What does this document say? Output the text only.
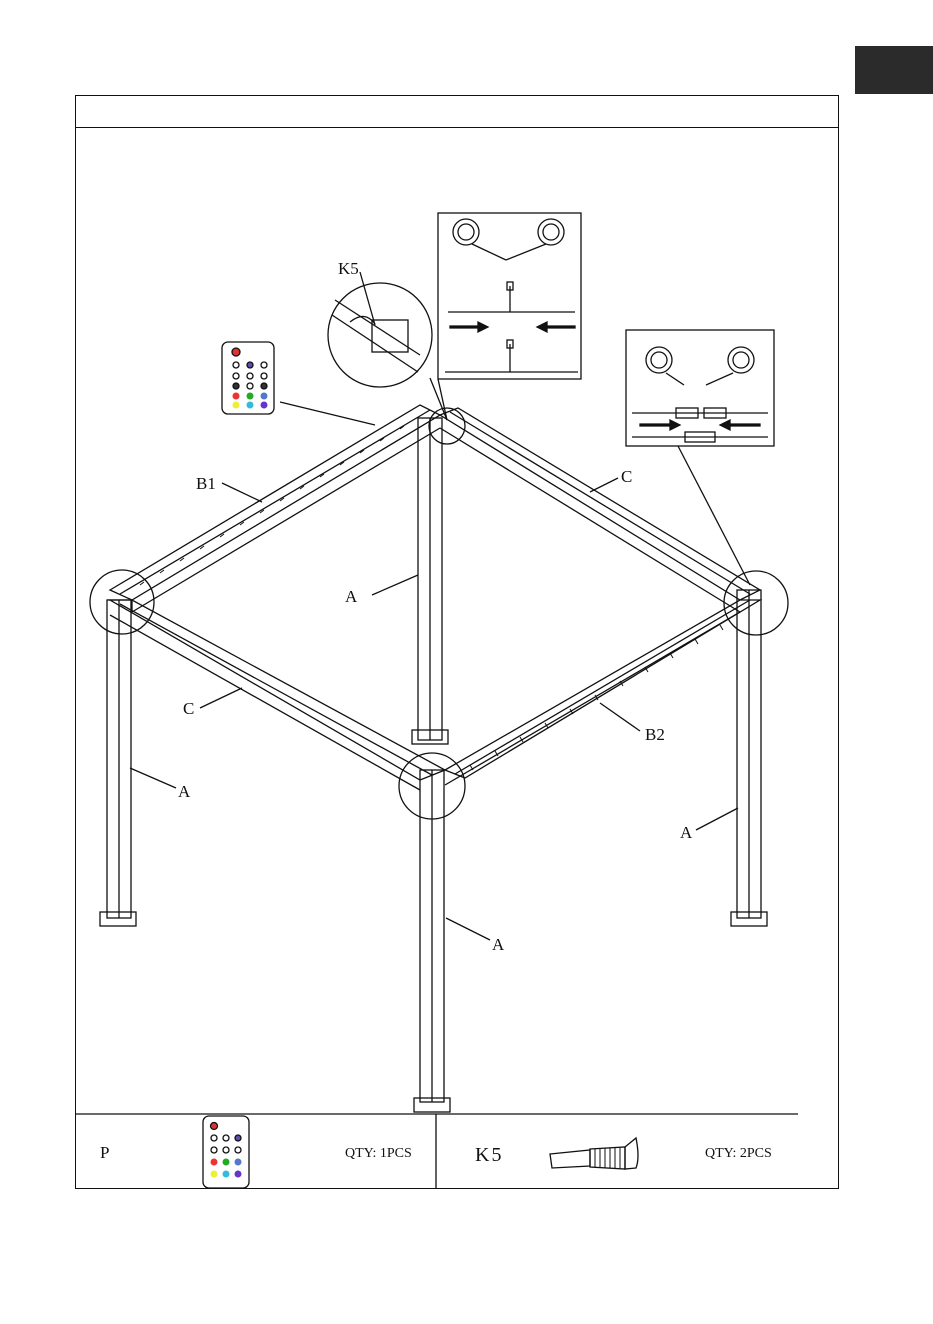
K5
B1	C
A
C
B2
A
A
A
P	QTY: 1PCS	K5	QTY: 2PCS
